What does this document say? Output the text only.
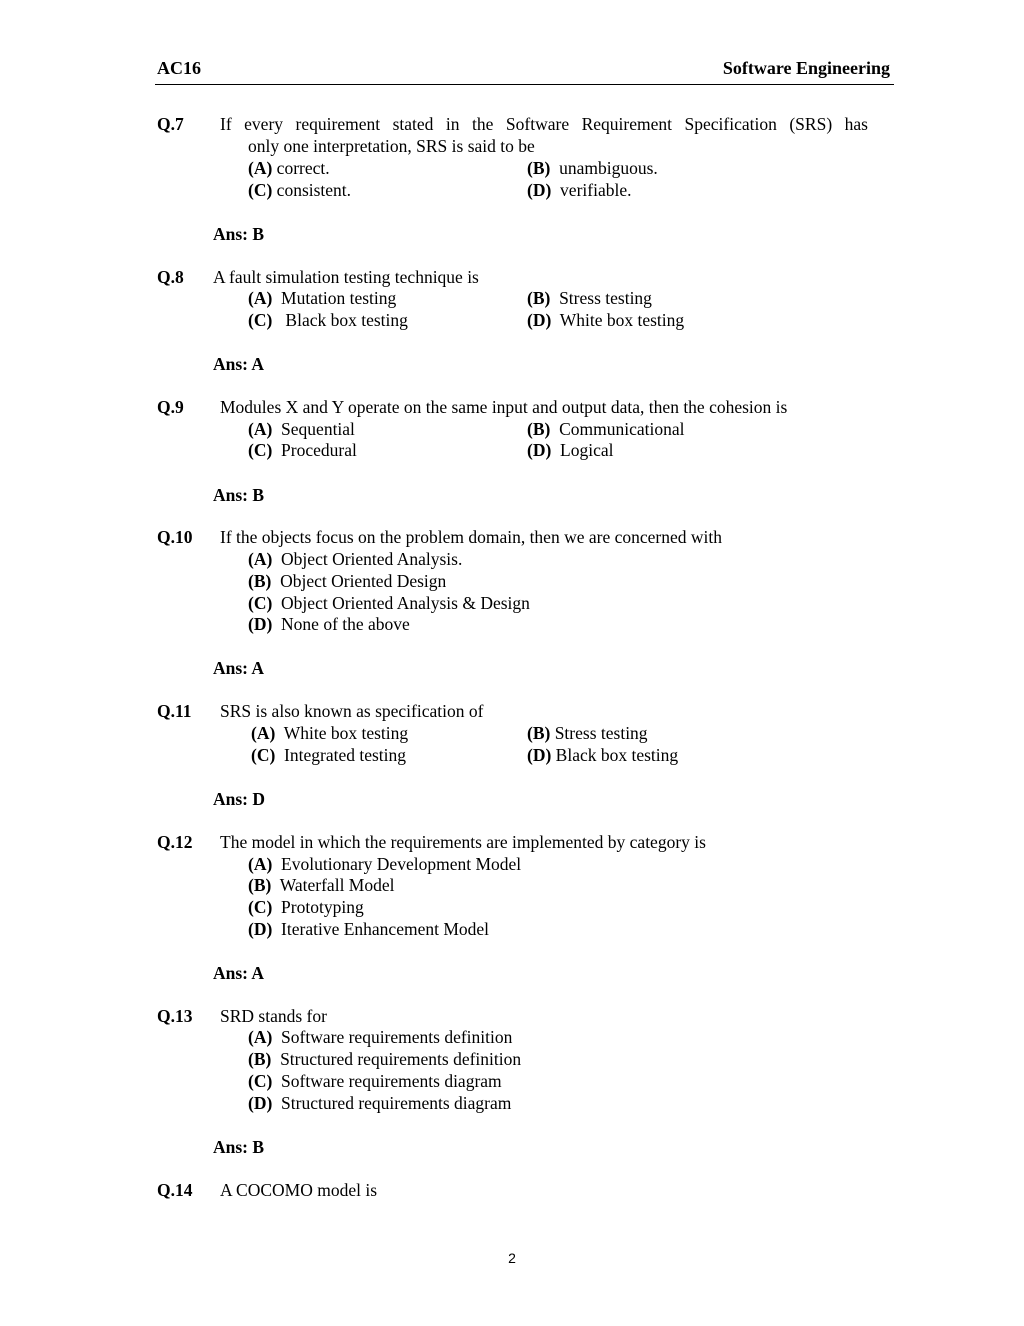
AC16	Software Engineering
Q.7 If every requirement stated in the Software Requirement Specification (SRS) has
only one interpretation, SRS is said to be
(A) correct.	(B) unambiguous.
(C) consistent.	(D) verifiable.
Ans: B
Q.8 A fault simulation testing technique is
(A) Mutation testing	(B) Stress testing
(C) Black box testing	(D) White box testing
Ans: A
Q.9 Modules X and Y operate on the same input and output data, then the cohesion is
(A) Sequential	(B) Communicational
(C) Procedural	(D) Logical
Ans: B
Q.10 If the objects focus on the problem domain, then we are concerned with
(A) Object Oriented Analysis.
(B) Object Oriented Design
(C) Object Oriented Analysis & Design
(D) None of the above
Ans: A
Q.11 SRS is also known as specification of
(A) White box testing	(B) Stress testing
(C) Integrated testing	(D) Black box testing
Ans: D
Q.12 The model in which the requirements are implemented by category is
(A) Evolutionary Development Model
(B) Waterfall Model
(C) Prototyping
(D) Iterative Enhancement Model
Ans: A
Q.13 SRD stands for
(A) Software requirements definition
(B) Structured requirements definition
(C) Software requirements diagram
(D) Structured requirements diagram
Ans: B
Q.14 A COCOMO model is
2
